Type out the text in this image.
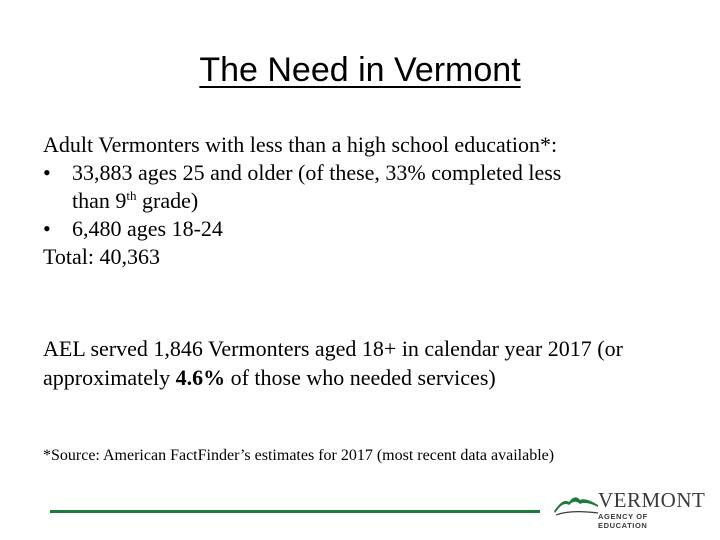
The Need in Vermont
Adult Vermonters with less than a high school education*:
• 33,883 ages 25 and older (of these, 33% completed less
than 9th grade)
• 6,480 ages 18-24
Total: 40,363
AEL served 1,846 Vermonters aged 18+ in calendar year 2017 (or approximately 4.6% of those who needed services)
*Source: American FactFinder’s estimates for 2017 (most recent data available)
VERMONT
AGENCY OF EDUCATION
